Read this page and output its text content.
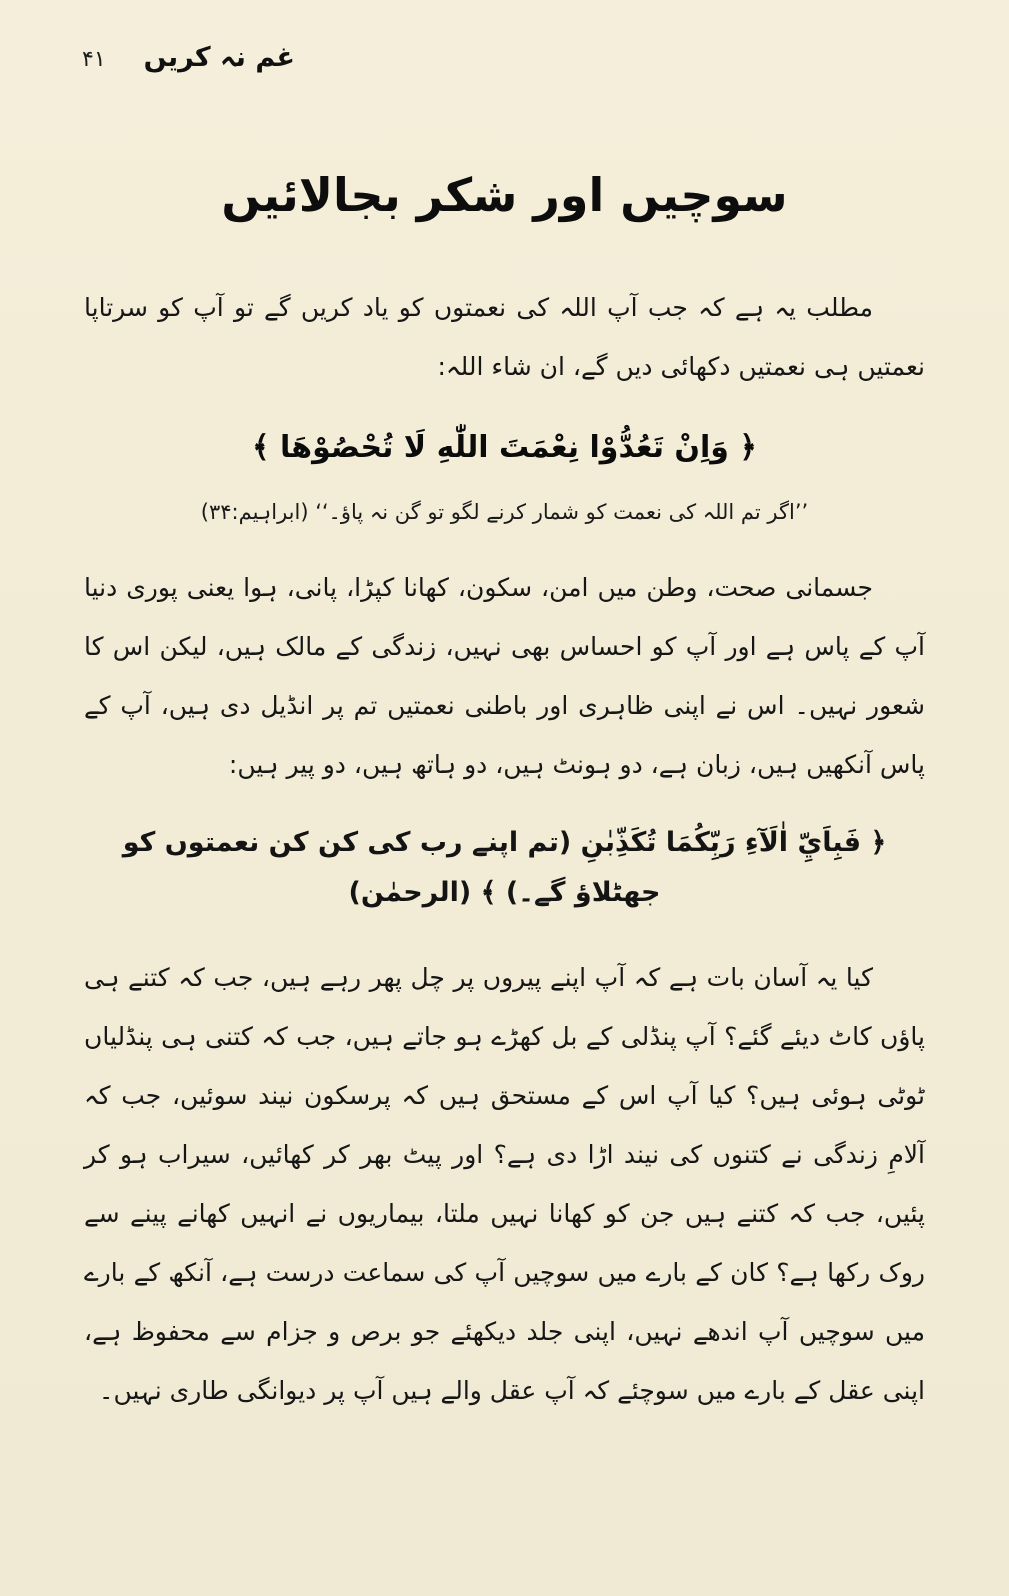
۴۱ غم نہ کریں
سوچیں اور شکر بجالائیں

مطلب یہ ہے کہ جب آپ اللہ کی نعمتوں کو یاد کریں گے تو آپ کو سرتاپا نعمتیں ہی نعمتیں دکھائی دیں گے، ان شاء اللہ:

﴿ وَاِنْ تَعُدُّوْا نِعْمَتَ اللّٰهِ لَا تُحْصُوْهَا ﴾
’’اگر تم اللہ کی نعمت کو شمار کرنے لگو تو گن نہ پاؤ۔‘‘ (ابراہیم:۳۴)

جسمانی صحت، وطن میں امن، سکون، کھانا کپڑا، پانی، ہوا یعنی پوری دنیا آپ کے پاس ہے اور آپ کو احساس بھی نہیں، زندگی کے مالک ہیں، لیکن اس کا شعور نہیں۔ اس نے اپنی ظاہری اور باطنی نعمتیں تم پر انڈیل دی ہیں، آپ کے پاس آنکھیں ہیں، زبان ہے، دو ہونٹ ہیں، دو ہاتھ ہیں، دو پیر ہیں:

﴿ فَبِاَيِّ اٰلَآءِ رَبِّكُمَا تُكَذِّبٰنِ (تم اپنے رب کی کن کن نعمتوں کو جھٹلاؤ گے۔) ﴾ (الرحمٰن)

کیا یہ آسان بات ہے کہ آپ اپنے پیروں پر چل پھر رہے ہیں، جب کہ کتنے ہی پاؤں کاٹ دیئے گئے؟ آپ پنڈلی کے بل کھڑے ہو جاتے ہیں، جب کہ کتنی ہی پنڈلیاں ٹوٹی ہوئی ہیں؟ کیا آپ اس کے مستحق ہیں کہ پرسکون نیند سوئیں، جب کہ آلامِ زندگی نے کتنوں کی نیند اڑا دی ہے؟ اور پیٹ بھر کر کھائیں، سیراب ہو کر پئیں، جب کہ کتنے ہیں جن کو کھانا نہیں ملتا، بیماریوں نے انہیں کھانے پینے سے روک رکھا ہے؟ کان کے بارے میں سوچیں آپ کی سماعت درست ہے، آنکھ کے بارے میں سوچیں آپ اندھے نہیں، اپنی جلد دیکھئے جو برص و جزام سے محفوظ ہے، اپنی عقل کے بارے میں سوچئے کہ آپ عقل والے ہیں آپ پر دیوانگی طاری نہیں۔
